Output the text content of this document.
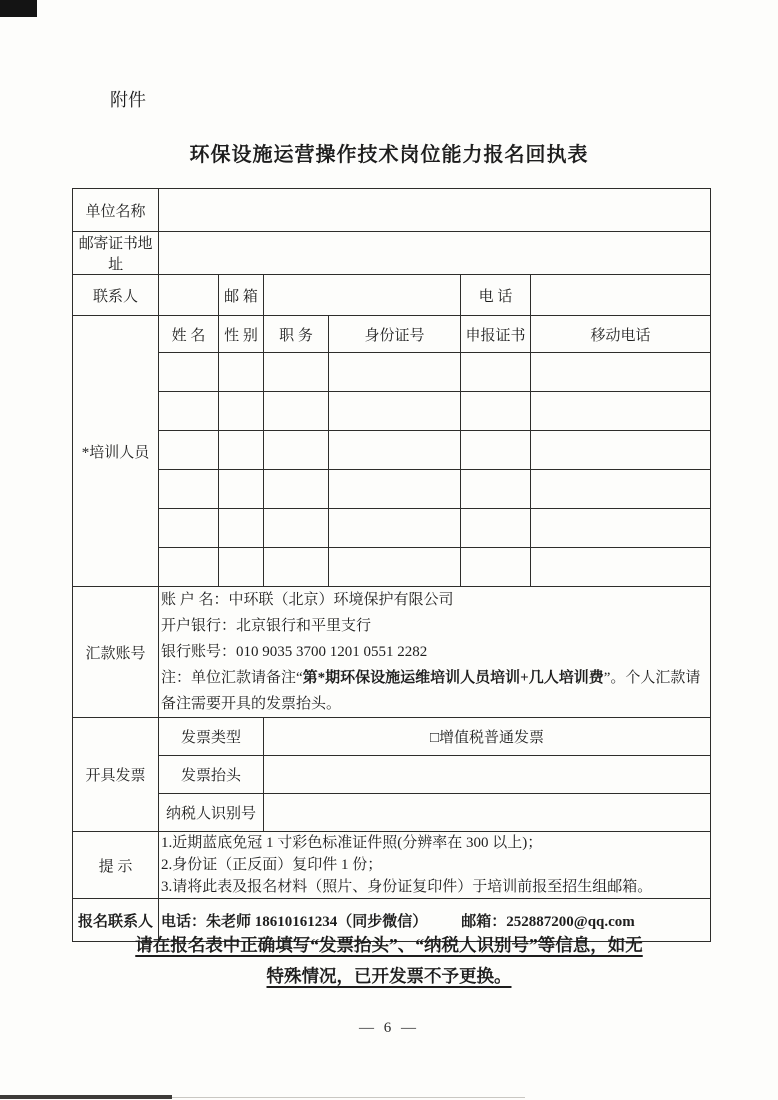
附件
环保设施运营操作技术岗位能力报名回执表
单位名称						
邮寄证书地址						
联系人		邮 箱			电 话	
*培训人员	姓 名	性 别	职 务	身份证号	申报证书	移动电话

汇款账号	账 户 名：中环联（北京）环境保护有限公司
开户银行：北京银行和平里支行
银行账号：010 9035 3700 1201 0551 2282
注：单位汇款请备注“第*期环保设施运维培训人员培训+几人培训费”。个人汇款请备注需要开具的发票抬头。					

开具发票	发票类型		□增值税普通发票			
	发票抬头					
	纳税人识别号					
提 示	1.近期蓝底免冠 1 寸彩色标准证件照(分辨率在 300 以上)；
2.身份证（正反面）复印件 1 份；
3.请将此表及报名材料（照片、身份证复印件）于培训前报至招生组邮箱。					

报名联系人	电话：朱老师 18610161234（同步微信） 邮箱：252887200@qq.com					
请在报名表中正确填写“发票抬头”、“纳税人识别号”等信息，如无
特殊情况，已开发票不予更换。
— 6 —
